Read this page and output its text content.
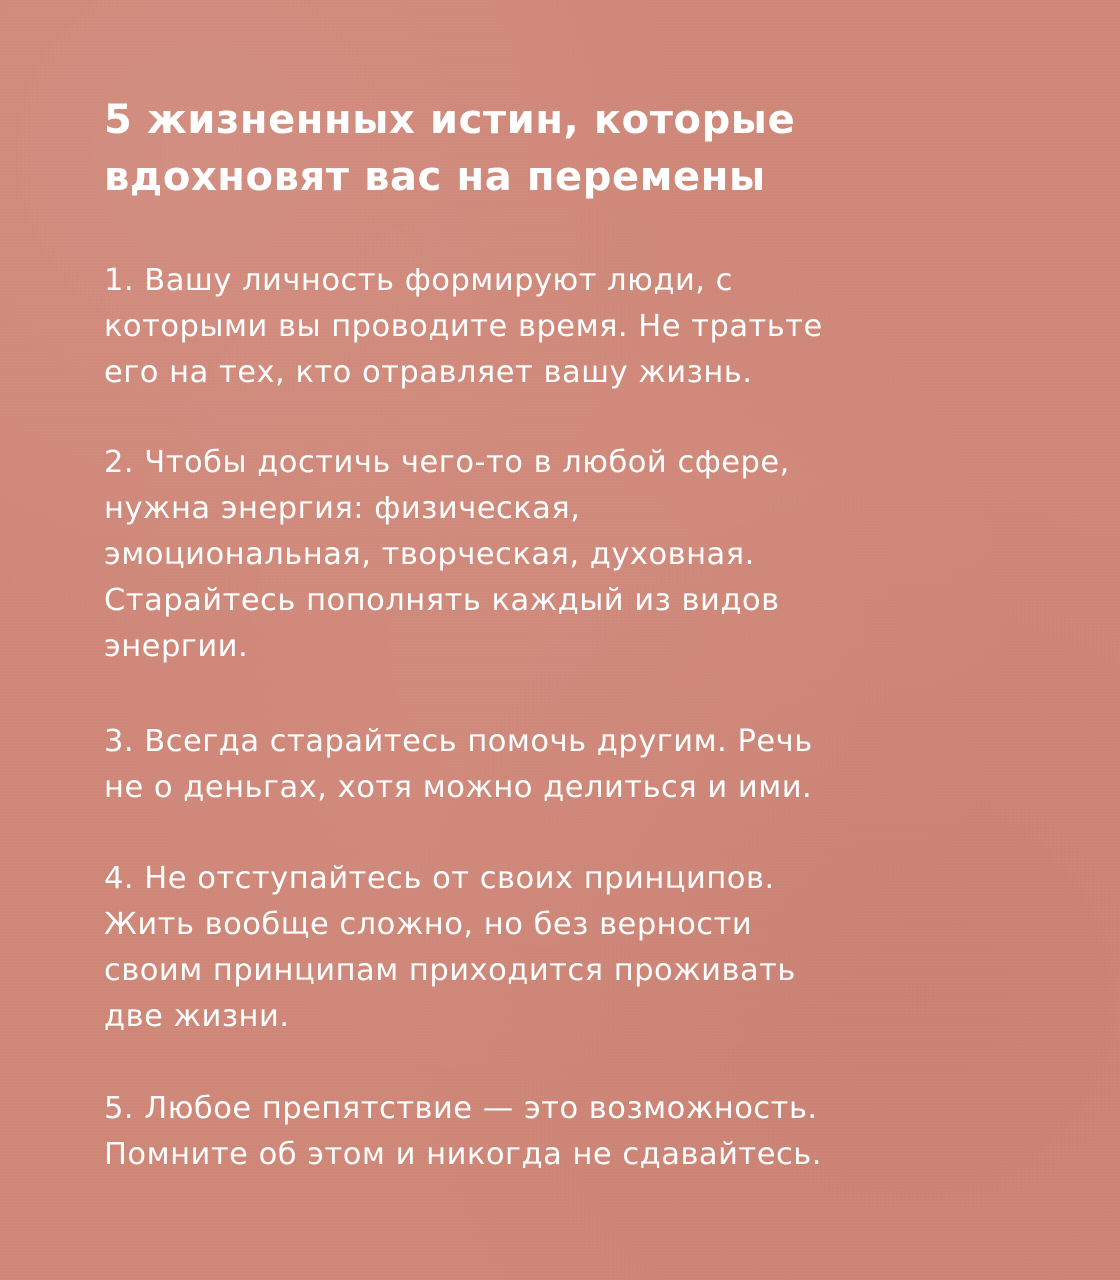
5 жизненных истин, которые
вдохновят вас на перемены

1. Вашу личность формируют люди, с
которыми вы проводите время. Не тратьте
его на тех, кто отравляет вашу жизнь.

2. Чтобы достичь чего-то в любой сфере,
нужна энергия: физическая,
эмоциональная, творческая, духовная.
Старайтесь пополнять каждый из видов
энергии.

3. Всегда старайтесь помочь другим. Речь
не о деньгах, хотя можно делиться и ими.

4. Не отступайтесь от своих принципов.
Жить вообще сложно, но без верности
своим принципам приходится проживать
две жизни.

5. Любое препятствие — это возможность.
Помните об этом и никогда не сдавайтесь.
